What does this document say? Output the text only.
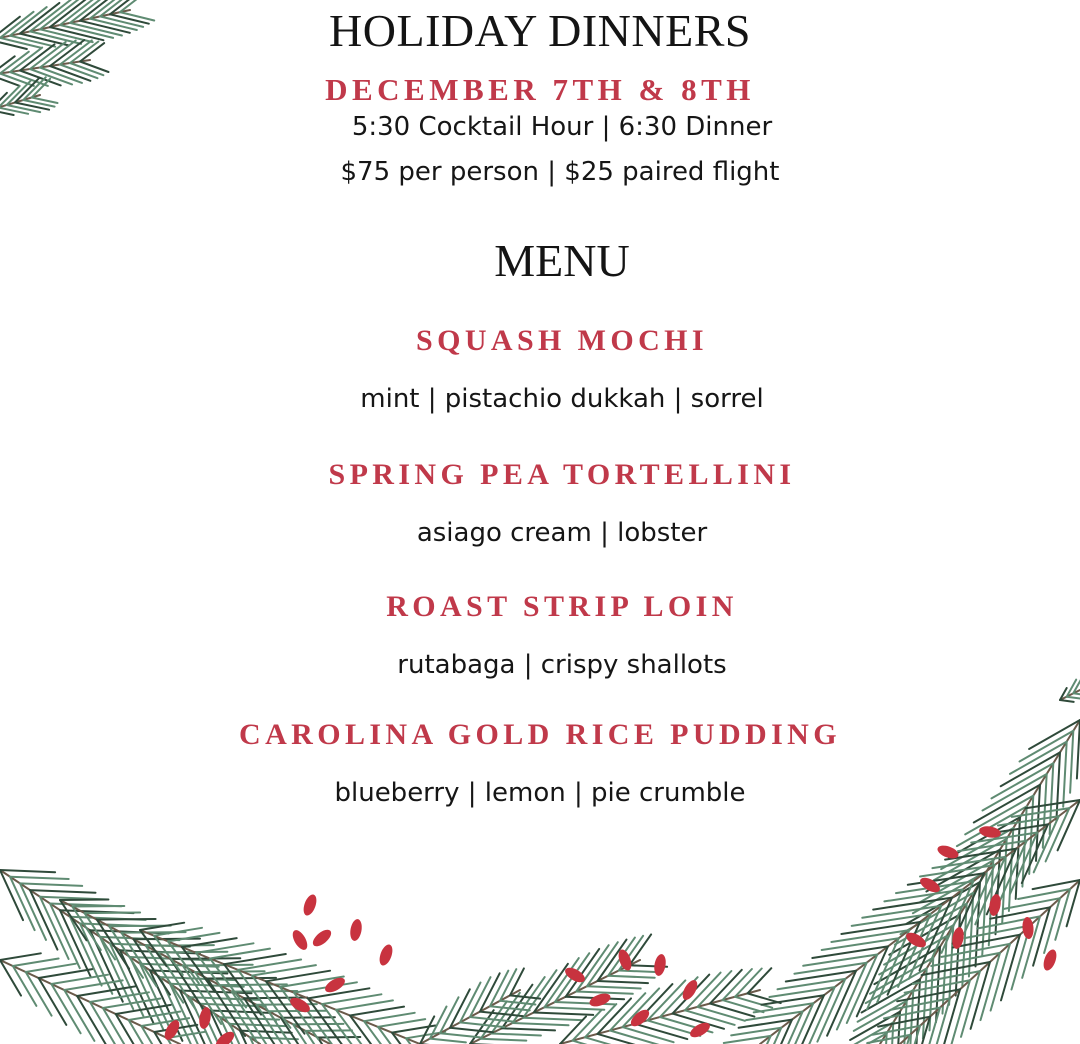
HOLIDAY DINNERS
DECEMBER 7TH & 8TH
5:30 Cocktail Hour | 6:30 Dinner
$75 per person | $25 paired flight
MENU
SQUASH MOCHI
mint | pistachio dukkah | sorrel
SPRING PEA TORTELLINI
asiago cream | lobster
ROAST STRIP LOIN
rutabaga | crispy shallots
CAROLINA GOLD RICE PUDDING
blueberry | lemon | pie crumble
